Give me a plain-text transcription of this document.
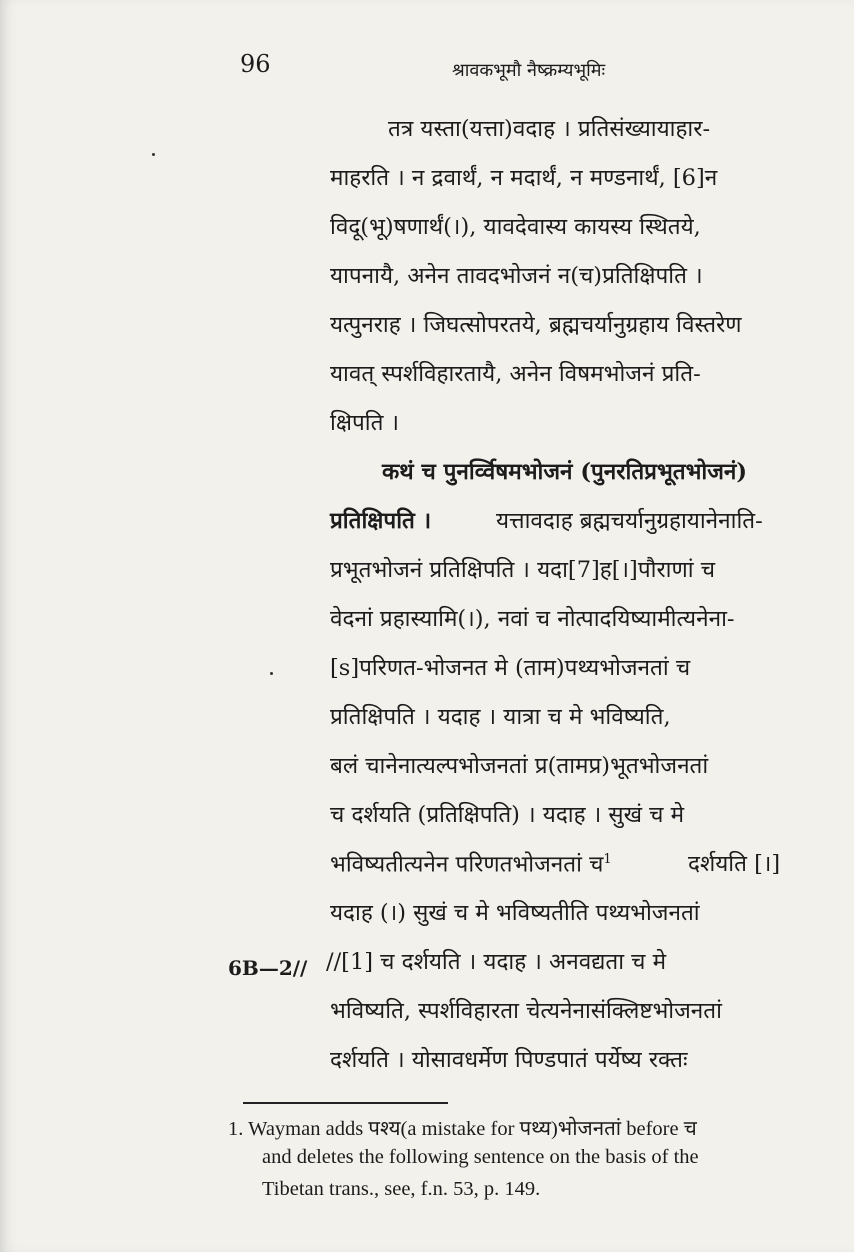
96	श्रावकभूमौ नैष्क्रम्यभूमिः
तत्र यस्ता(यत्ता)वदाह । प्रतिसंख्यायाहार-
माहरति । न द्रवार्थं, न मदार्थं, न मण्डनार्थं, [6]न
विदू(भू)षणार्थं(।), यावदेवास्य कायस्य स्थितये,
यापनायै, अनेन तावदभोजनं न(च)प्रतिक्षिपति ।
यत्पुनराह । जिघत्सोपरतये, ब्रह्मचर्यानुग्रहाय विस्तरेण
यावत् स्पर्शविहारतायै, अनेन विषमभोजनं प्रति-
क्षिपति ।
कथं च पुनर्व्विषमभोजनं (पुनरतिप्रभूतभोजनं)
प्रतिक्षिपति ।	यत्तावदाह ब्रह्मचर्यानुग्रहायानेनाति-
प्रभूतभोजनं प्रतिक्षिपति । यदा[7]ह[।]पौराणां च
वेदनां प्रहास्यामि(।), नवां च नोत्पादयिष्यामीत्यनेना-
[s]परिणत-भोजनत मे (ताम)पथ्यभोजनतां च
प्रतिक्षिपति । यदाह । यात्रा च मे भविष्यति,
बलं चानेनात्यल्पभोजनतां प्र(तामप्र)भूतभोजनतां
च दर्शयति (प्रतिक्षिपति) । यदाह । सुखं च मे
भविष्यतीत्यनेन परिणतभोजनतां च$^1$	दर्शयति [।]
यदाह (।) सुखं च मे भविष्यतीति पथ्यभोजनतां
//[1] च दर्शयति । यदाह । अनवद्यता च मे
भविष्यति, स्पर्शविहारता चेत्यनेनासंक्लिष्टभोजनतां
दर्शयति । योसावधर्मेण पिण्डपातं पर्येष्य रक्तः
6B—2//
1. Wayman adds पश्य(a mistake for पथ्य)भोजनतां before च
and deletes the following sentence on the basis of the
Tibetan trans., see, f.n. 53, p. 149.
